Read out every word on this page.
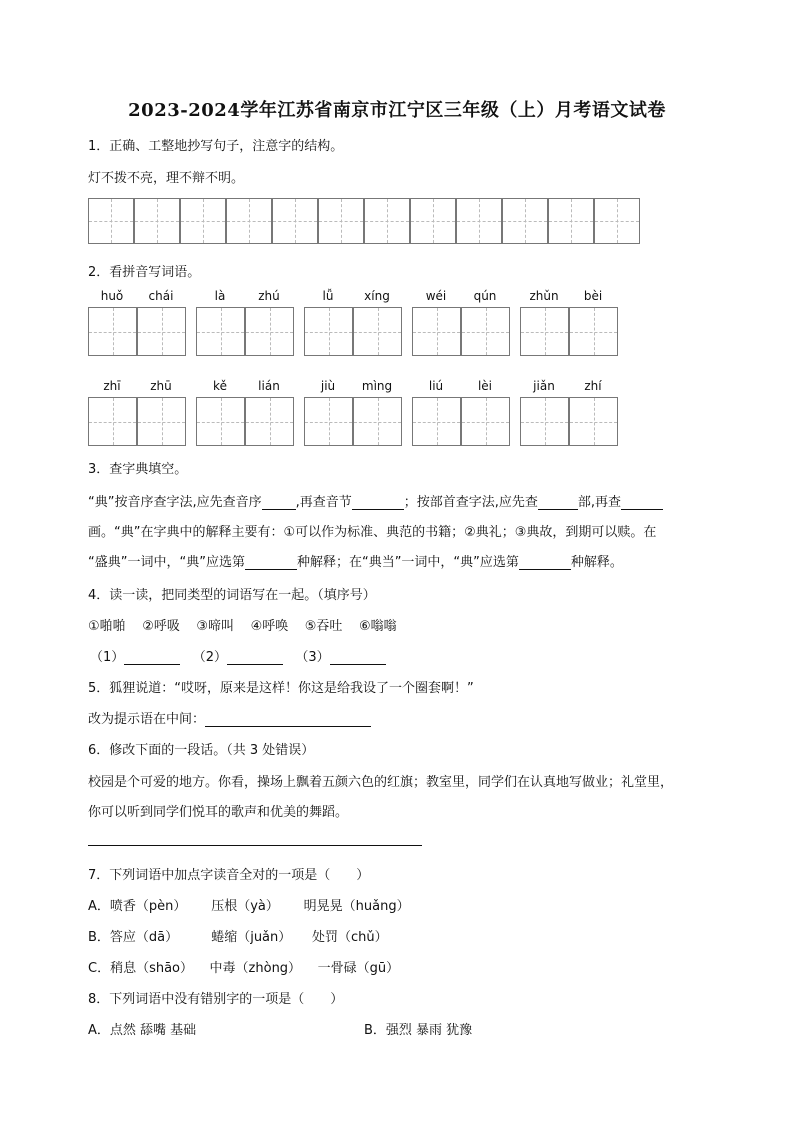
2023-2024学年江苏省南京市江宁区三年级（上）月考语文试卷
1．正确、工整地抄写句子，注意字的结构。
灯不拨不亮，理不辩不明。
2．看拼音写词语。
huǒ	chái	là	zhú	lǚ	xíng	wéi	qún	zhǔn	bèi
zhī	zhū	kě	lián	jiù	mìng	liú	lèi	jiǎn	zhí
3．查字典填空。
“典”按音序查字法,应先查音序	,再查音节	；按部首查字法,应先查	部,再查
画。“典”在字典中的解释主要有：①可以作为标准、典范的书籍；②典礼；③典故，到期可以赎。在
“盛典”一词中，“典”应选第	种解释；在“典当”一词中，“典”应选第	种解释。
4．读一读，把同类型的词语写在一起。（填序号）
①啪啪 ②呼吸 ③啼叫 ④呼唤 ⑤吞吐 ⑥嗡嗡
（1）	（2）	（3）
5．狐狸说道：“哎呀，原来是这样！你这是给我设了一个圈套啊！”
改为提示语在中间：
6．修改下面的一段话。（共 3 处错误）
校园是个可爱的地方。你看，操场上飘着五颜六色的红旗；教室里，同学们在认真地写做业；礼堂里，
你可以听到同学们悦耳的歌声和优美的舞蹈。
7．下列词语中加点字读音全对的一项是（　　）
A．喷香（pèn） 压根（yà） 明晃晃（huǎng）
B．答应（dā）	蜷缩（juǎn） 处罚（chǔ）
C．稍息（shāo） 中毒（zhòng） 一骨碌（gū）
8．下列词语中没有错别字的一项是（　　）
A．点然 舔嘴 基础	B．强烈 暴雨 犹豫
